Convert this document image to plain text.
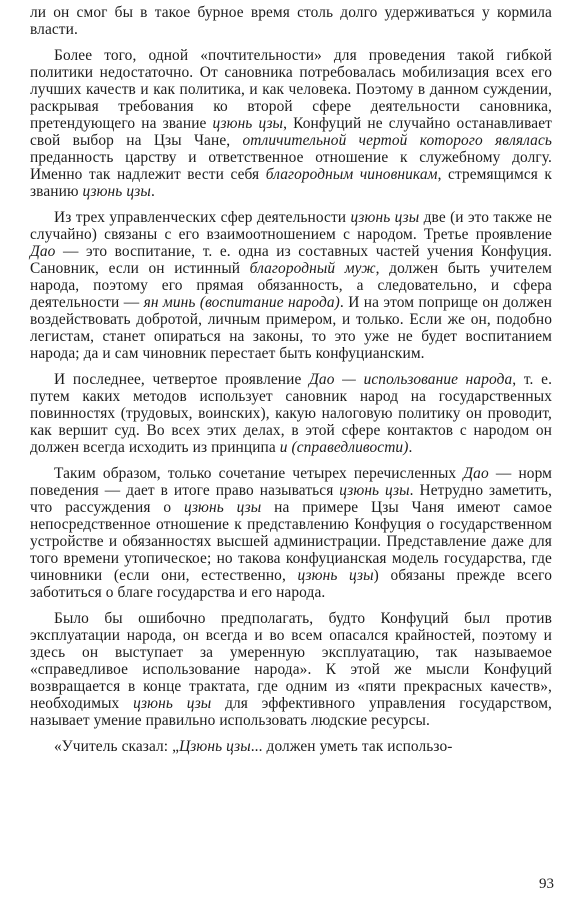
ли он смог бы в такое бурное время столь долго удерживаться у кормила власти.

Более того, одной «почтительности» для проведения такой гибкой политики недостаточно. От сановника потребовалась мобилизация всех его лучших качеств и как политика, и как человека. Поэтому в данном суждении, раскрывая требования ко второй сфере деятельности сановника, претендующего на звание цзюнь цзы, Конфуций не случайно останавливает свой выбор на Цзы Чане, отличительной чертой которого являлась преданность царству и ответственное отношение к служебному долгу. Именно так надлежит вести себя благородным чиновникам, стремящимся к званию цзюнь цзы.

Из трех управленческих сфер деятельности цзюнь цзы две (и это также не случайно) связаны с его взаимоотношением с народом. Третье проявление Дао — это воспитание, т. е. одна из составных частей учения Конфуция. Сановник, если он истинный благородный муж, должен быть учителем народа, поэтому его прямая обязанность, а следовательно, и сфера деятельности — ян минь (воспитание народа). И на этом поприще он должен воздействовать добротой, личным примером, и только. Если же он, подобно легистам, станет опираться на законы, то это уже не будет воспитанием народа; да и сам чиновник перестает быть конфуцианским.

И последнее, четвертое проявление Дао — использование народа, т. е. путем каких методов использует сановник народ на государственных повинностях (трудовых, воинских), какую налоговую политику он проводит, как вершит суд. Во всех этих делах, в этой сфере контактов с народом он должен всегда исходить из принципа и (справедливости).

Таким образом, только сочетание четырех перечисленных Дао — норм поведения — дает в итоге право называться цзюнь цзы. Нетрудно заметить, что рассуждения о цзюнь цзы на примере Цзы Чаня имеют самое непосредственное отношение к представлению Конфуция о государственном устройстве и обязанностях высшей администрации. Представление даже для того времени утопическое; но такова конфуцианская модель государства, где чиновники (если они, естественно, цзюнь цзы) обязаны прежде всего заботиться о благе государства и его народа.

Было бы ошибочно предполагать, будто Конфуций был против эксплуатации народа, он всегда и во всем опасался крайностей, поэтому и здесь он выступает за умеренную эксплуатацию, так называемое «справедливое использование народа». К этой же мысли Конфуций возвращается в конце трактата, где одним из «пяти прекрасных качеств», необходимых цзюнь цзы для эффективного управления государством, называет умение правильно использовать людские ресурсы.

«Учитель сказал: „Цзюнь цзы... должен уметь так использо-

93
